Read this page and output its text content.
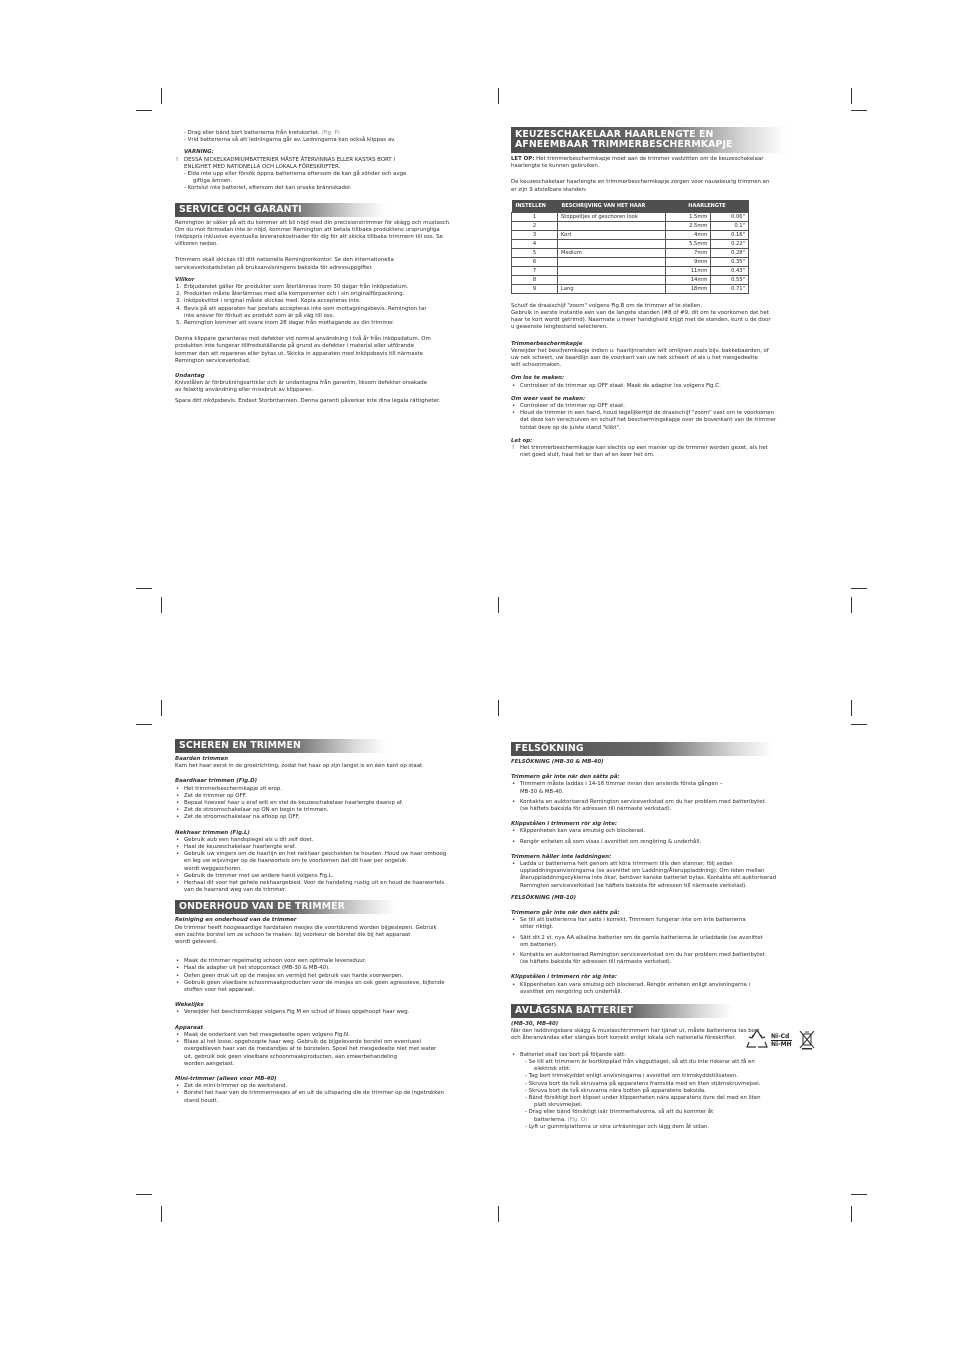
- Drag eller bänd bort batterierna från kretskortet. (Fig. P)

- Vrid batterierna så att ledningarna går av. Ledningarna kan också klippas av.

VARNING:

! DESSA NICKELKADMIUMBATTERIER MÅSTE ÅTERVINNAS ELLER KASTAS BORT I

ENLIGHET MED NATIONELLA OCH LOKALA FÖRESKRIFTER.

- Elda inte upp eller försök öppna batterierna eftersom de kan gå sönder och avge

giftiga ämnen.

- Kortslut inte batteriet, eftersom det kan orsaka brännskador.

SERVICE OCH GARANTI

Remington är säker på att du kommer att bli nöjd med din precisionstrimmer för skägg och mustasch.

Om du mot förmodan inte är nöjd, kommer Remington att betala tillbaka produktens ursprungliga

inköpspris inklusive eventuella leveranskostnader för dig för att skicka tillbaka trimmern till oss. Se

villkoren nedan.

Trimmern skall skickas till ditt nationella Remingtonkontor. Se den internationella

serviceverkstadslistan på bruksanvisningens baksida för adressuppgifter.

Villkor

1. Erbjudandet gäller för produkter som återlämnas inom 30 dagar från inköpsdatum.

2. Produkten måste återlämnas med alla komponenter och i sin originalförpackning.

3. Inköpskvittot i original måste skickas med. Kopia accepteras inte.

4. Bevis på att apparaten har postats accepteras inte som mottagningsbevis. Remington tar

inte ansvar för förlust av produkt som är på väg till oss.

5. Remington kommer att svara inom 28 dagar från mottagande av din trimmer.

Denna klippare garanteras mot defekter vid normal användning i två år från inköpsdatum. Om

produkten inte fungerar tillfredsställande på grund av defekter i material eller utförande

kommer den att repareras eller bytas ut. Skicka in apparaten med inköpsbevis till närmaste

Remington serviceverkstad.

Undantag

Knivstålen är förbrukningsartiklar och är undantagna från garantin, liksom defekter orsakade

av felaktig användning eller missbruk av klipparen.

Spara ditt inköpsbevis. Endast Storbritannien. Denna garanti påverkar inte dina legala rättigheter.

KEUZESCHAKELAAR HAARLENGTE EN
AFNEEMBAAR TRIMMERBESCHERMKAPJE

LET OP: Het trimmerbeschermkapje moet aan de trimmer vastzitten om de keuzeschakelaar

haarlengte te kunnen gebruiken.

De keuzeschakelaar haarlengte en trimmerbeschermkapje zorgen voor nauwkeurig trimmen en

er zijn 9 afstelbare standen:

INSTELLEN	BESCHRIJVING VAN HET HAAR	HAARLENGTE	
1	Stoppeltjes of geschoren look	1.5mm	0.06"
2		2.5mm	0.1"
3	Kort	4mm	0.16"
4		5.5mm	0.22"
5	Medium	7mm	0.28"
6		9mm	0.35"
7		11mm	0.43"
8		14mm	0.55"
9	Lang	18mm	0.71"

Schuif de draaischijf "zoom" volgens Fig.B om de trimmer af te stellen.

Gebruik in eerste instantie een van de langste standen (#8 of #9, dit om te voorkomen dat het

haar te kort wordt getrimd). Naarmate u meer handigheid krijgt met de standen, kunt u de door

u gewenste lengtestand selecteren.

Trimmerbeschermkapje

Verwijder het beschermkapje indien u: haarlijnranden wilt omlijnen zoals bijv. bakkebaarden, of

uw nek scheert, uw baardlijn aan de voorkant van uw nek scheert of als u het mesgedeelte

wilt schoonmaken.

Om los te maken:

• Controleer of de trimmer op OFF staat. Maak de adaptor los volgens Fig.C.

Om weer vast te maken:

• Controleer of de trimmer op OFF staat.

• Houd de trimmer in een hand, houd tegelijkertijd de draaischijf "zoom" vast om te voorkomen

dat deze kan verschuiven en schuif het beschermingskapje over de bovenkant van de trimmer

totdat deze op de juiste stand "klikt".

Let op:

! Het trimmerbeschermkapje kan slechts op een manier op de trimmer worden gezet, als het

niet goed sluit, haal het er dan af en keer het om.

SCHEREN EN TRIMMEN

Baarden trimmen

Kam het haar eerst in de groeirichting, zodat het haar op zijn langst is en één kant op staat.

Baardhaar trimmen (Fig.D)

• Het trimmerbeschermkapje zit erop.

• Zet de trimmer op OFF.

• Bepaal hoeveel haar u eraf wilt en stel de keuzeschakelaar haarlengte daarop af.

• Zet de stroomschakelaar op ON en begin te trimmen.

• Zet de stroomschakelaar na afloop op OFF.

Nekhaar trimmen (Fig.L)

• Gebruik aub een handspiegel als u dit zelf doet.

• Haal de keuzeschakelaar haarlengte eraf.

• Gebruik uw vingers om de haarlijn en het nekhaar gescheiden te houden. Houd uw haar omhoog

en leg uw wijsvinger op de haarwortels om te voorkomen dat dit haar per ongeluk

wordt weggeschoren.

• Gebruik de trimmer met uw andere hand volgens Fig.L.

• Herhaal dit voor het gehele nekhaargebied. Voor de handeling rustig uit en houd de haarwortels

van de haarrand weg van de trimmer.

ONDERHOUD VAN DE TRIMMER

Reiniging en onderhoud van de trimmer

De trimmer heeft hoogwaardige hardstalen mesjes die voortdurend worden bijgeslepen. Gebruik

een zachte borstel om ze schoon te maken: bij voorkeur de borstel die bij het apparaat

wordt geleverd.

• Maak de trimmer regelmatig schoon voor een optimale levensduur.

• Haal de adapter uit het stopcontact (MB-30 & MB-40).

• Oefen geen druk uit op de mesjes en vermijd het gebruik van harde voorwerpen.

• Gebruik geen vloeibare schoonmaakproducten voor de mesjes en ook geen agressieve, bijtende

stoffen voor het apparaat.

Wekelijks

• Verwijder het beschermkapje volgens Fig M en schud of blaas opgehoopt haar weg.

Apparaat

• Maak de onderkant van het mesgedeelte open volgens Fig.N.

• Blaas al het losse, opgehoopte haar weg. Gebruik de bijgeleverde borstel om eventueel

overgebleven haar van de mestandjes af te borstelen. Spoel het mesgedeelte niet met water

uit, gebruik ook geen vloeibare schoonmaakproducten, aan smeerbehandeling

worden aangetast.

Mini-trimmer (alleen voor MB-40)

• Zet de mini-trimmer op de werkstand.

• Borstel het haar van de trimmermesjes af en uit de uitsparing die de trimmer op de ingetrokken

stand houdt.

FELSÖKNING

FELSÖKNING (MB-30 & MB-40)

Trimmern går inte när den sätts på:

• Trimmern måste laddas i 14-16 timmar innan den används första gången –

MB-30 & MB-40.

• Kontakta en auktoriserad Remington serviceverkstad om du har problem med batteribytet.

(se häftets baksida för adressen till närmaste verkstad).

Klippstålen i trimmern rör sig inte:

• Klippenheten kan vara smutsig och blockerad.

• Rengör enheten så som visas i avsnittet om rengöring & underhåll.

Trimmern håller inte laddningen:

• Ladda ur batterierna helt genom att köra trimmern tills den stannar; följ sedan

uppladdningsanvisningarna (se avsnittet om Laddning/Återuppladdning). Om tiden mellan

återuppladdningscyklerna inte ökar, behöver kanske batteriet bytas. Kontakta ett auktoriserad

Remington serviceverkstad (se häftets baksida för adressen till närmaste verkstad).

FELSÖKNING (MB-10)

Trimmern går inte när den sätts på:

• Se till att batterierna har satts i korrekt. Trimmern fungerar inte om inte batterierna

sitter riktigt.

• Sätt dit 2 st. nya AA alkaline batterier om de gamla batterierna är urladdade (se avsnittet

om batterier).

• Kontakta en auktoriserad Remington serviceverkstad om du har problem med batteribytet.

(se häftets baksida för adressen till närmaste verkstad).

Klippstålen i trimmern rör sig inte:

• Klippenheten kan vara smutsig och blockerad. Rengör enheten enligt anvisningarna i

avsnittet om rengöring och underhåll.

AVLÄGSNA BATTERIET

(MB-30, MB-40)

När den laddningsbara skägg & mustaschtrimmern har tjänat ut, måste batterierna tas bort

och återanvändas eller slängas bort korrekt enligt lokala och nationella föreskrifter.

• Batteriet skall tas bort på följande sätt:

- Se till att trimmern är bortkopplad från vägguttaget, så att du inte riskerar att få en

elektrisk stöt.

- Tag bort trimskyddet enligt anvisningarna i avsnittet om trimskyddstillsatsen.

- Skruva bort de två skruvarna på apparatens framsida med en liten stjärnskruvmejsel.

- Skruva bort de två skruvarna nära botten på apparatens baksida.

- Bänd försiktigt bort klipset under klippenheten nära apparatens övre del med en liten

platt skruvmejsel.

- Drag eller bänd försiktigt isär trimmerhalvorna, så att du kommer åt

batterierna. (Fig. O)

- Lyft ur gummiplattorna ur sina urfräsningar och lägg dem åt sidan.

Ni-Cd
Ni-MH
